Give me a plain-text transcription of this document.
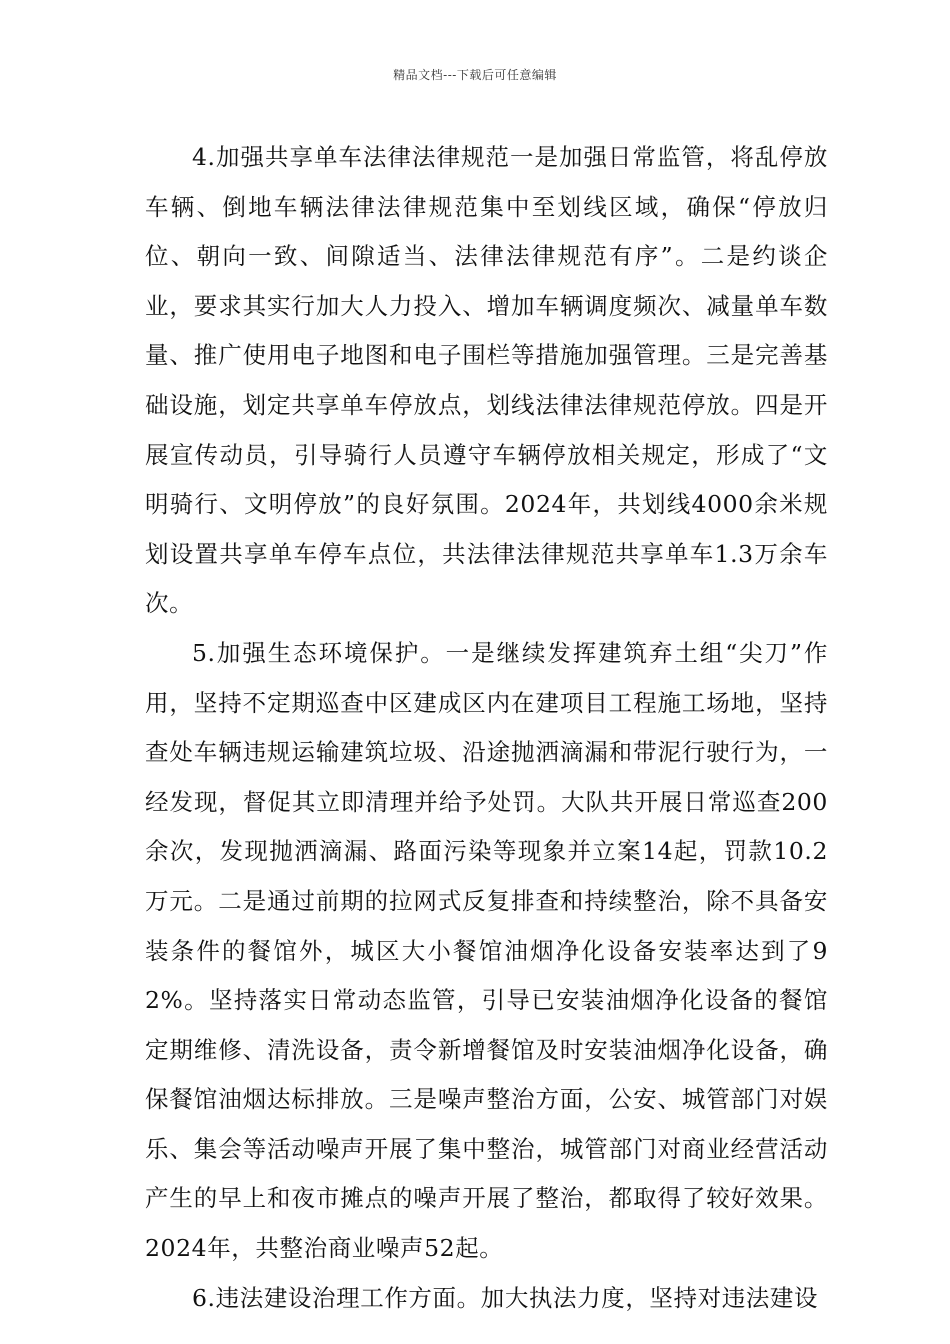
精品文档---下载后可任意编辑

4.加强共享单车法律法律规范一是加强日常监管，将乱停放车辆、倒地车辆法律法律规范集中至划线区域，确保“停放归位、朝向一致、间隙适当、法律法律规范有序”。二是约谈企业，要求其实行加大人力投入、增加车辆调度频次、减量单车数量、推广使用电子地图和电子围栏等措施加强管理。三是完善基础设施，划定共享单车停放点，划线法律法律规范停放。四是开展宣传动员，引导骑行人员遵守车辆停放相关规定，形成了“文明骑行、文明停放”的良好氛围。2024年，共划线4000余米规划设置共享单车停车点位，共法律法律规范共享单车1.3万余车次。

5.加强生态环境保护。一是继续发挥建筑弃土组“尖刀”作用，坚持不定期巡查中区建成区内在建项目工程施工场地，坚持查处车辆违规运输建筑垃圾、沿途抛洒滴漏和带泥行驶行为，一经发现，督促其立即清理并给予处罚。大队共开展日常巡查200余次，发现抛洒滴漏、路面污染等现象并立案14起，罚款10.2万元。二是通过前期的拉网式反复排查和持续整治，除不具备安装条件的餐馆外，城区大小餐馆油烟净化设备安装率达到了92%。坚持落实日常动态监管，引导已安装油烟净化设备的餐馆定期维修、清洗设备，责令新增餐馆及时安装油烟净化设备，确保餐馆油烟达标排放。三是噪声整治方面，公安、城管部门对娱乐、集会等活动噪声开展了集中整治，城管部门对商业经营活动产生的早上和夜市摊点的噪声开展了整治，都取得了较好效果。2024年，共整治商业噪声52起。

6.违法建设治理工作方面。加大执法力度，坚持对违法建设
